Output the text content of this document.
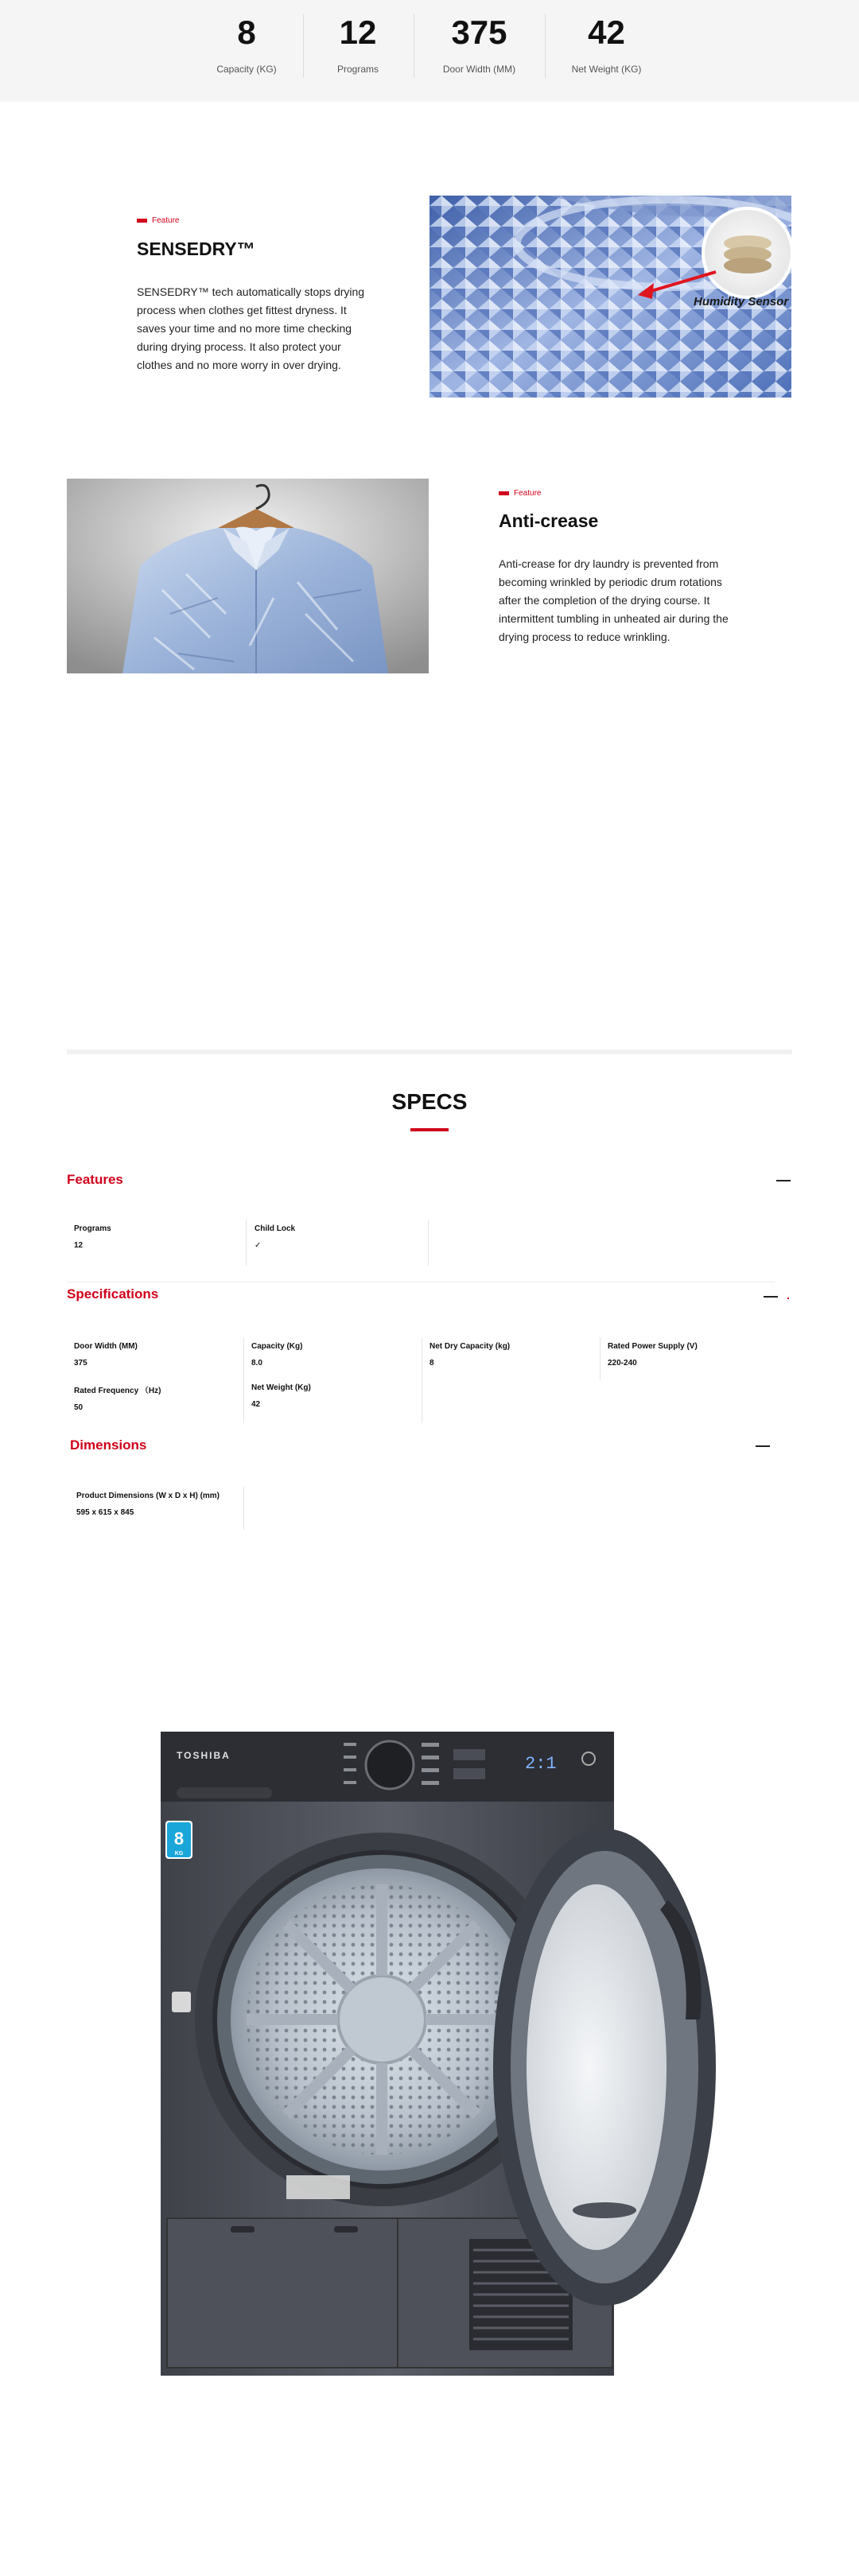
8
Capacity (KG)
12
Programs
375
Door Width (MM)
42
Net Weight (KG)
Feature
SENSEDRY™

SENSEDRY™ tech automatically stops drying process when clothes get fittest dryness. It saves your time and no more time checking during drying process. It also protect your clothes and no more worry in over drying.

Humidity Sensor
Feature
Anti-crease

Anti-crease for dry laundry is prevented from becoming wrinkled by periodic drum rotations after the completion of the drying course. It intermittent tumbling in unheated air during the drying process to reduce wrinkling.

SPECS
Features
Programs
12
Child Lock
✓
Specifications
Door Width (MM)
375
Capacity (Kg)
8.0
Net Dry Capacity (kg)
8
Rated Power Supply (V)
220-240
Rated Frequency （Hz)
50
Net Weight (Kg)
42
Dimensions
Product Dimensions (W x D x H) (mm)
595 x 615 x 845
TOSHIBA	2:1
8
KG
